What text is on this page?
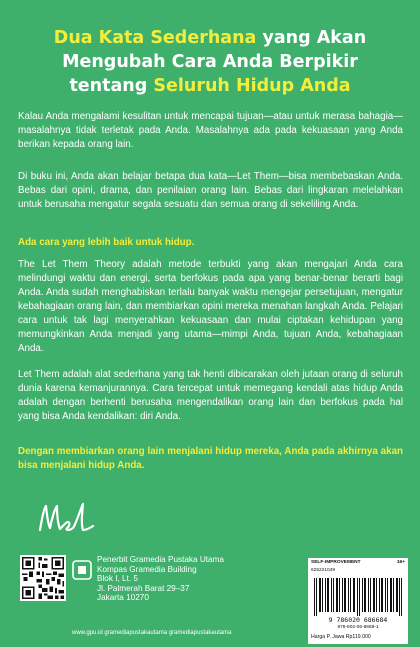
Dua Kata Sederhana yang Akan
Mengubah Cara Anda Berpikir
tentang Seluruh Hidup Anda

Kalau Anda mengalami kesulitan untuk mencapai tujuan—atau untuk merasa bahagia—masalahnya tidak terletak pada Anda. Masalahnya ada pada kekuasaan yang Anda berikan kepada orang lain.

Di buku ini, Anda akan belajar betapa dua kata—Let Them—bisa membebaskan Anda. Bebas dari opini, drama, dan penilaian orang lain. Bebas dari lingkaran melelahkan untuk berusaha mengatur segala sesuatu dan semua orang di sekeliling Anda.

Ada cara yang lebih baik untuk hidup.

The Let Them Theory adalah metode terbukti yang akan mengajari Anda cara melindungi waktu dan energi, serta berfokus pada apa yang benar-benar berarti bagi Anda. Anda sudah menghabiskan terlalu banyak waktu mengejar persetujuan, mengatur kebahagiaan orang lain, dan membiarkan opini mereka menahan langkah Anda. Pelajari cara untuk tak lagi menyerahkan kekuasaan dan mulai ciptakan kehidupan yang memungkinkan Anda menjadi yang utama—mimpi Anda, tujuan Anda, kebahagiaan Anda.

Let Them adalah alat sederhana yang tak henti dibicarakan oleh jutaan orang di seluruh dunia karena kemanjurannya. Cara tercepat untuk memegang kendali atas hidup Anda adalah dengan berhenti berusaha mengendalikan orang lain dan berfokus pada hal yang bisa Anda kendalikan: diri Anda.

Dengan membiarkan orang lain menjalani hidup mereka, Anda pada akhirnya akan bisa menjalani hidup Anda.

Penerbit Gramedia Pustaka Utama
Kompas Gramedia Building
Blok I, Lt. 5
Jl. Palmerah Barat 29–37
Jakarta 10270
www.gpu.id gramediapustakautama gramediapustakautama
SELF-IMPROVEMENT	16+
625221049
9 786020 686684
978-602-06-8668-1
Harga P. Jawa Rp119.000
